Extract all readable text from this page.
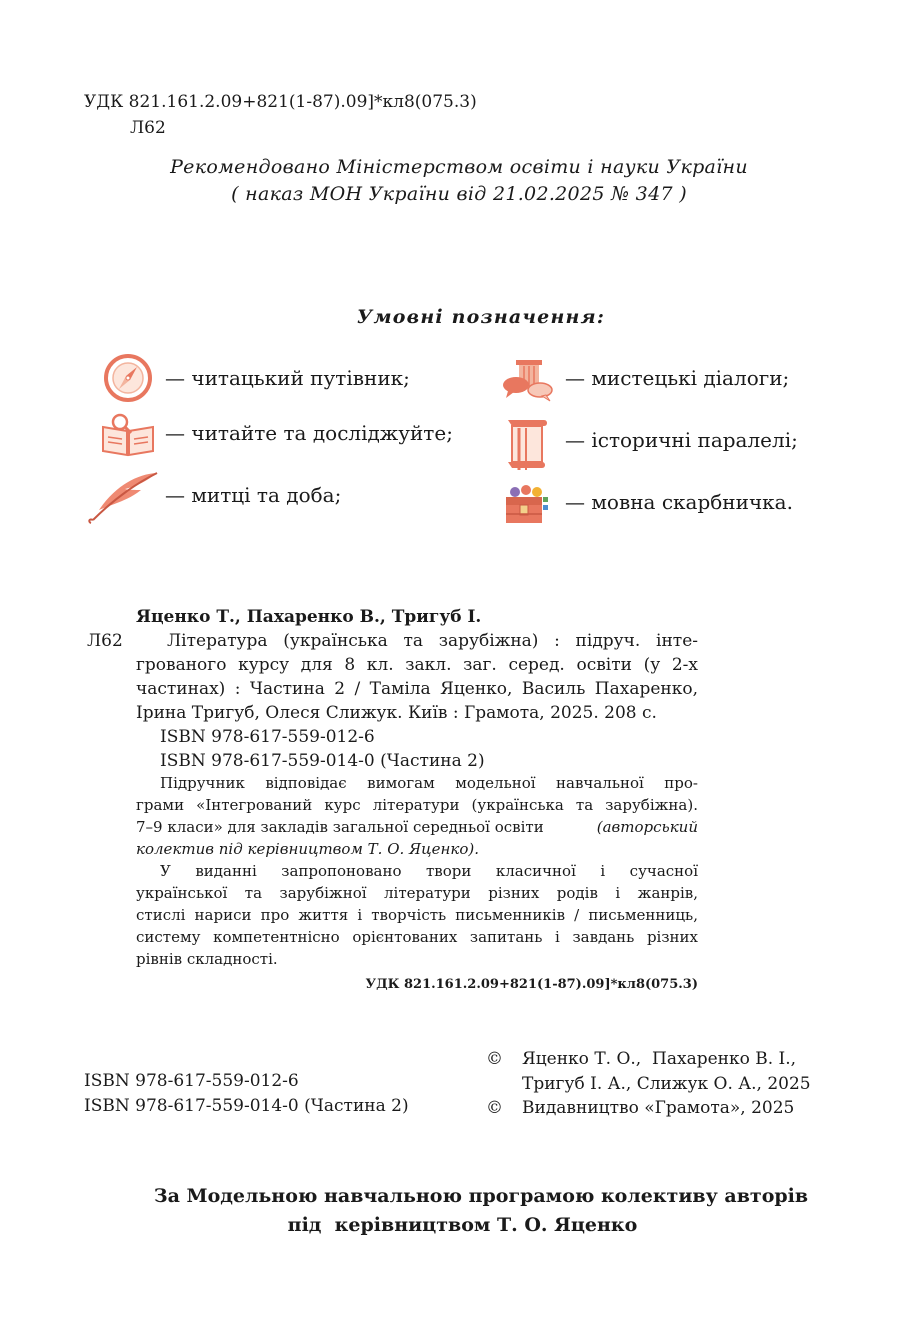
УДК 821.161.2.09+821(1-87).09]*кл8(075.3)
Л62
Рекомендовано Міністерством освіти і науки України
( наказ МОН України від 21.02.2025 № 347 )
Умовні позначення:
— читацький путівник;
— читайте та досліджуйте;
— митці та доба;
— мистецькі діалоги;
— історичні паралелі;
— мовна скарбничка.
Яценко Т., Пахаренко В., Тригуб І.
Л62	Література (українська та зарубіжна) : підруч. інте-
грованого курсу для 8 кл. закл. заг. серед. освіти (у 2-х
частинах) : Частина 2 / Таміла Яценко, Василь Пахаренко,
Ірина Тригуб, Олеся Слижук. Київ : Грамота, 2025. 208 с.
ISBN 978-617-559-012-6
ISBN 978-617-559-014-0 (Частина 2)
Підручник відповідає вимогам модельної навчальної про-
грами «Інтегрований курс літератури (українська та зарубіжна).
7–9 класи» для закладів загальної середньої освіти	(авторський
колектив під керівництвом Т. О. Яценко).
У виданні запропоновано твори класичної і сучасної
української та зарубіжної літератури різних родів і жанрів,
стислі нариси про життя і творчість письменників / письменниць,
систему компетентнісно орієнтованих запитань і завдань різних
рівнів складності.
УДК 821.161.2.09+821(1-87).09]*кл8(075.3)
ISBN 978-617-559-012-6
ISBN 978-617-559-014-0 (Частина 2)
© Яценко Т. О.,  Пахаренко В. І.,
Тригуб І. А., Слижук О. А., 2025
© Видавництво «Грамота», 2025
За Модельною навчальною програмою колективу авторів
під  керівництвом Т. О. Яценко
